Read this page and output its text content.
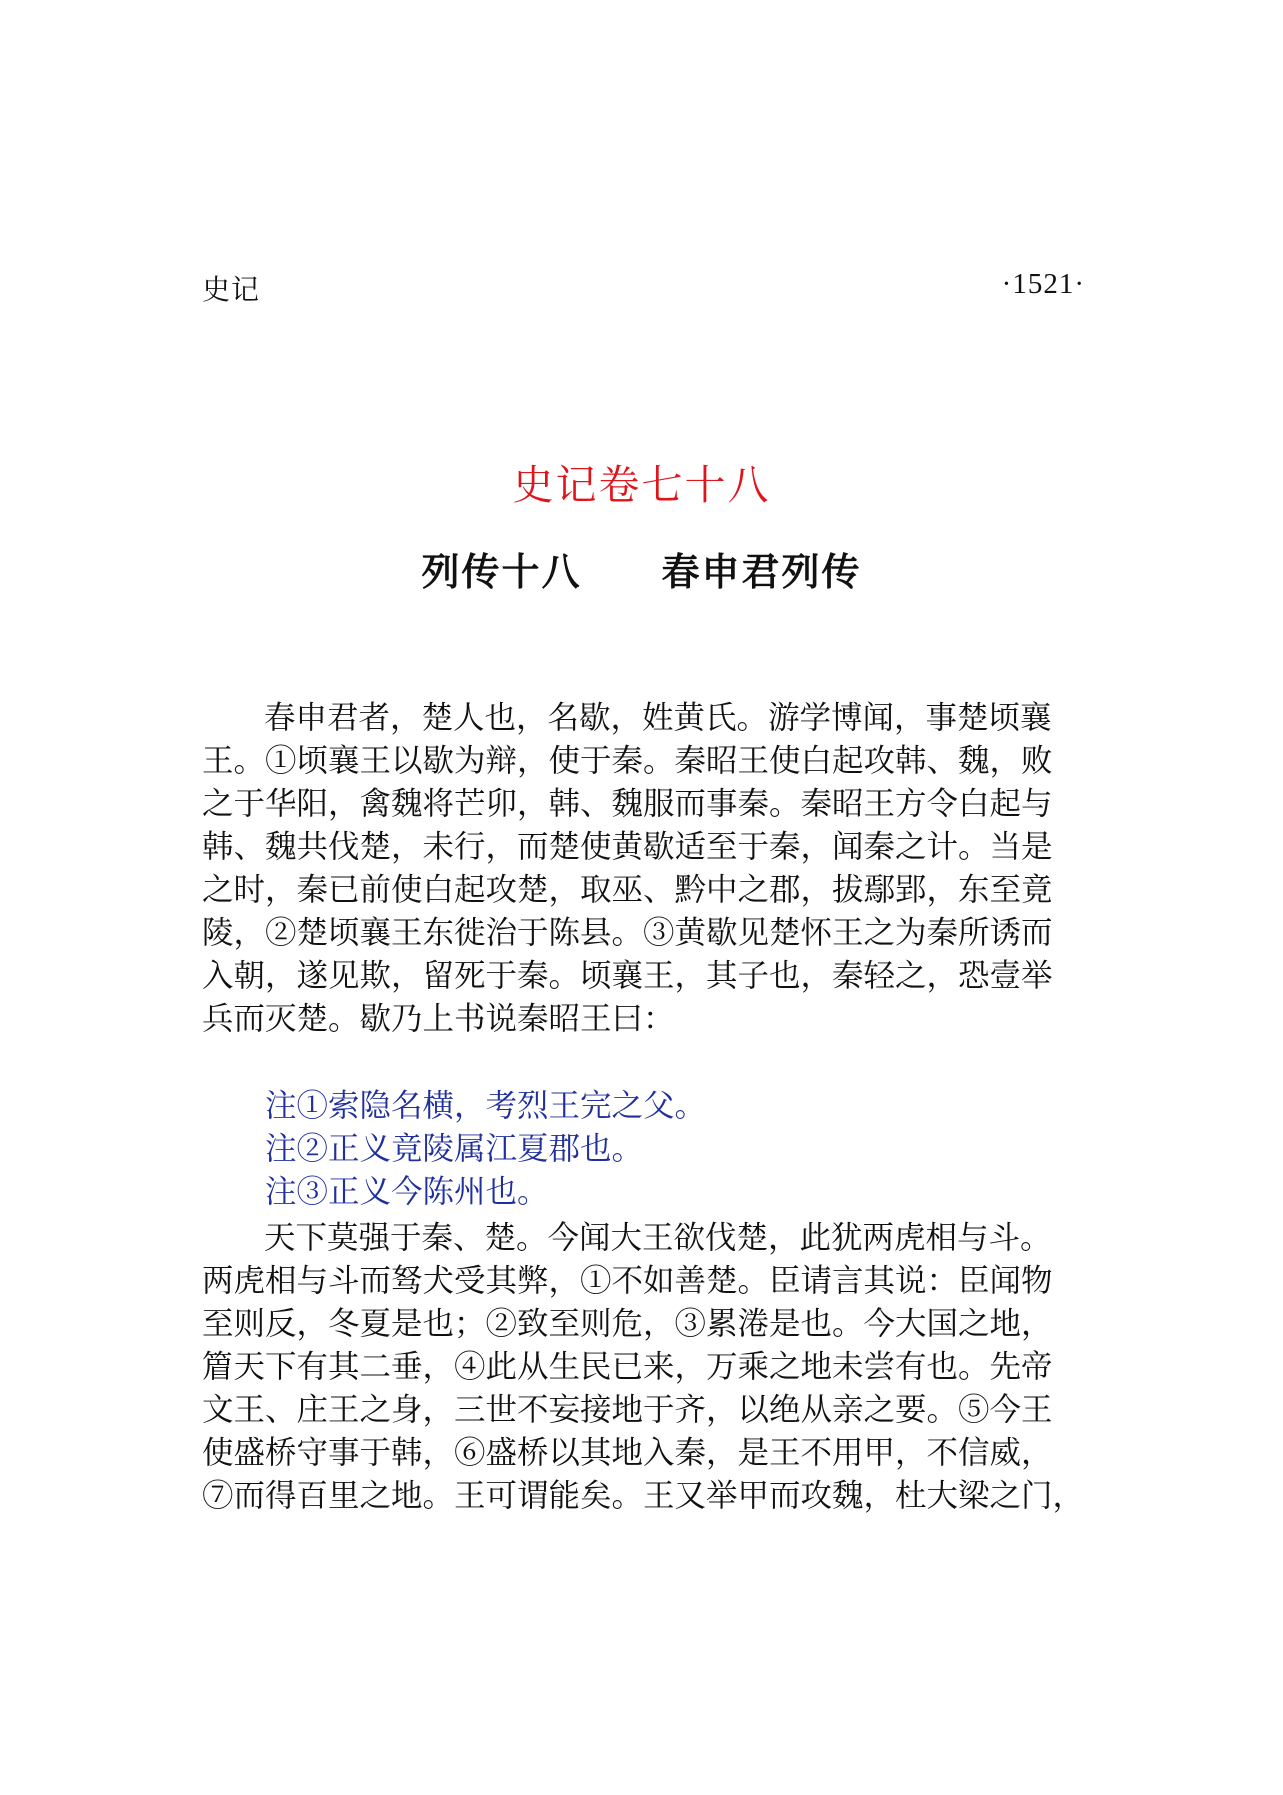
史记	·1521·
史记卷七十八
列传十八　　春申君列传
春申君者，楚人也，名歇，姓黄氏。游学博闻，事楚顷襄
王。①顷襄王以歇为辩，使于秦。秦昭王使白起攻韩、魏，败
之于华阳，禽魏将芒卯，韩、魏服而事秦。秦昭王方令白起与
韩、魏共伐楚，未行，而楚使黄歇适至于秦，闻秦之计。当是
之时，秦已前使白起攻楚，取巫、黔中之郡，拔鄢郢，东至竟
陵，②楚顷襄王东徙治于陈县。③黄歇见楚怀王之为秦所诱而
入朝，遂见欺，留死于秦。顷襄王，其子也，秦轻之，恐壹举
兵而灭楚。歇乃上书说秦昭王曰：
注①索隐名横，考烈王完之父。
注②正义竟陵属江夏郡也。
注③正义今陈州也。
天下莫强于秦、楚。今闻大王欲伐楚，此犹两虎相与斗。
两虎相与斗而驽犬受其弊，①不如善楚。臣请言其说：臣闻物
至则反，冬夏是也；②致至则危，③累淃是也。今大国之地，
篃天下有其二垂，④此从生民已来，万乘之地未尝有也。先帝
文王、庄王之身，三世不妄接地于齐，以绝从亲之要。⑤今王
使盛桥守事于韩，⑥盛桥以其地入秦，是王不用甲，不信威，
⑦而得百里之地。王可谓能矣。王又举甲而攻魏，杜大梁之门，
